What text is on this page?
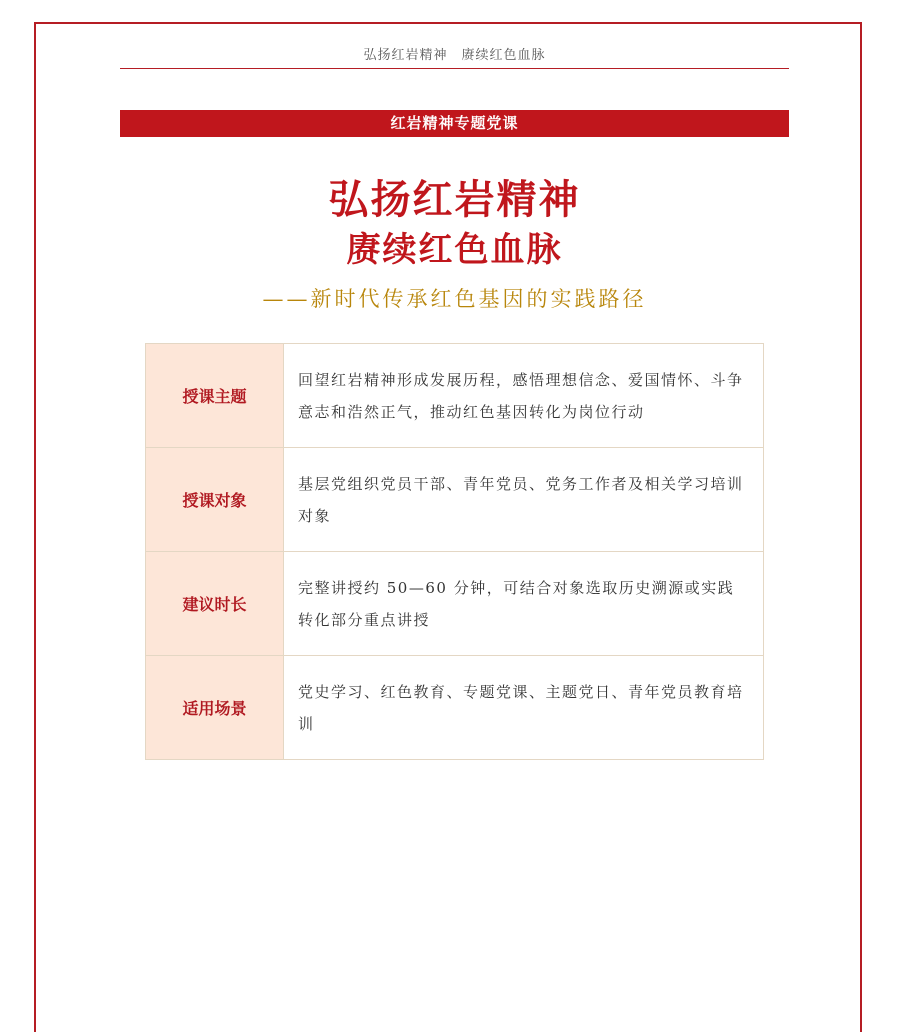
弘扬红岩精神　赓续红色血脉
红岩精神专题党课
弘扬红岩精神
赓续红色血脉
——新时代传承红色基因的实践路径
授课主题	回望红岩精神形成发展历程，感悟理想信念、爱国情怀、斗争意志和浩然正气，推动红色基因转化为岗位行动
授课对象	基层党组织党员干部、青年党员、党务工作者及相关学习培训对象
建议时长	完整讲授约 50—60 分钟，可结合对象选取历史溯源或实践转化部分重点讲授
适用场景	党史学习、红色教育、专题党课、主题党日、青年党员教育培训
